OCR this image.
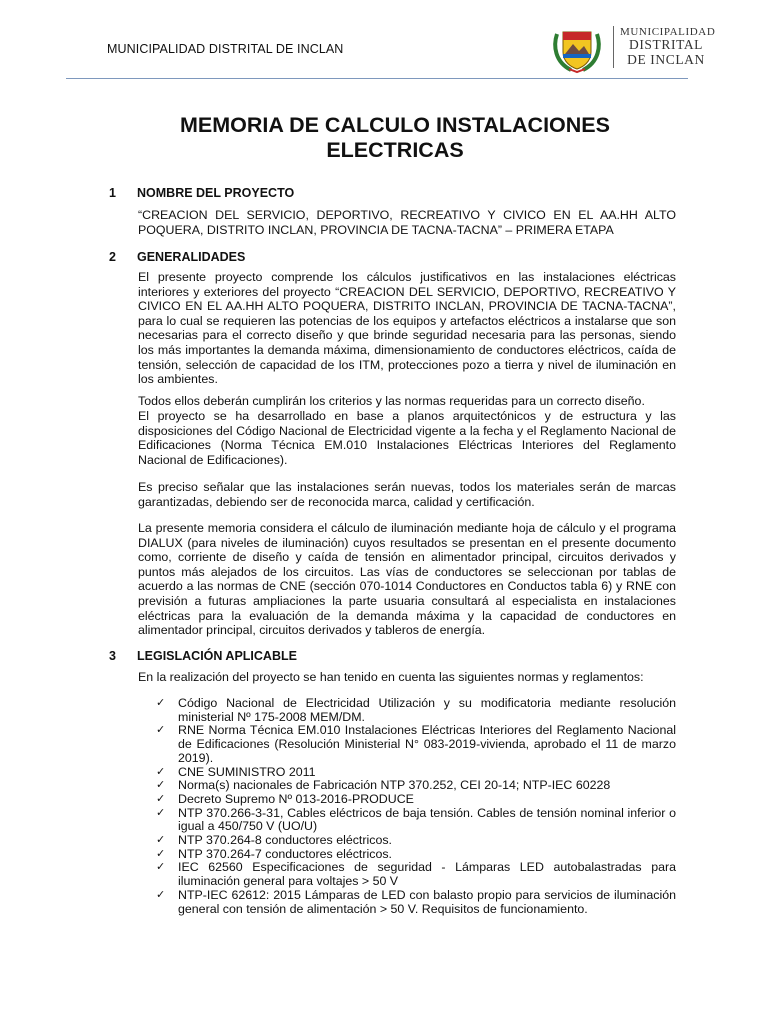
MUNICIPALIDAD DISTRITAL DE INCLAN
MUNICIPALIDAD
DISTRITAL
DE INCLAN
MEMORIA DE CALCULO INSTALACIONES
ELECTRICAS
1 NOMBRE DEL PROYECTO

“CREACION DEL SERVICIO, DEPORTIVO, RECREATIVO Y CIVICO EN EL AA.HH ALTO POQUERA, DISTRITO INCLAN, PROVINCIA DE TACNA-TACNA” – PRIMERA ETAPA

2 GENERALIDADES

El presente proyecto comprende los cálculos justificativos en las instalaciones eléctricas interiores y exteriores del proyecto “CREACION DEL SERVICIO, DEPORTIVO, RECREATIVO Y CIVICO EN EL AA.HH ALTO POQUERA, DISTRITO INCLAN, PROVINCIA DE TACNA-TACNA”, para lo cual se requieren las potencias de los equipos y artefactos eléctricos a instalarse que son necesarias para el correcto diseño y que brinde seguridad necesaria para las personas, siendo los más importantes la demanda máxima, dimensionamiento de conductores eléctricos, caída de tensión, selección de capacidad de los ITM, protecciones pozo a tierra y nivel de iluminación en los ambientes.

Todos ellos deberán cumplirán los criterios y las normas requeridas para un correcto diseño.

El proyecto se ha desarrollado en base a planos arquitectónicos y de estructura y las disposiciones del Código Nacional de Electricidad vigente a la fecha y el Reglamento Nacional de Edificaciones (Norma Técnica EM.010 Instalaciones Eléctricas Interiores del Reglamento Nacional de Edificaciones).

Es preciso señalar que las instalaciones serán nuevas, todos los materiales serán de marcas garantizadas, debiendo ser de reconocida marca, calidad y certificación.

La presente memoria considera el cálculo de iluminación mediante hoja de cálculo y el programa DIALUX (para niveles de iluminación) cuyos resultados se presentan en el presente documento como, corriente de diseño y caída de tensión en alimentador principal, circuitos derivados y puntos más alejados de los circuitos. Las vías de conductores se seleccionan por tablas de acuerdo a las normas de CNE (sección 070-1014 Conductores en Conductos tabla 6) y RNE con previsión a futuras ampliaciones la parte usuaria consultará al especialista en instalaciones eléctricas para la evaluación de la demanda máxima y la capacidad de conductores en alimentador principal, circuitos derivados y tableros de energía.

3 LEGISLACIÓN APLICABLE

En la realización del proyecto se han tenido en cuenta las siguientes normas y reglamentos:

✓ Código Nacional de Electricidad Utilización y su modificatoria mediante resolución ministerial Nº 175-2008 MEM/DM.
✓ RNE Norma Técnica EM.010 Instalaciones Eléctricas Interiores del Reglamento Nacional de Edificaciones (Resolución Ministerial N° 083-2019-vivienda, aprobado el 11 de marzo 2019).
✓ CNE SUMINISTRO 2011
✓ Norma(s) nacionales de Fabricación NTP 370.252, CEI 20-14; NTP-IEC 60228
✓ Decreto Supremo Nº 013-2016-PRODUCE
✓ NTP 370.266-3-31, Cables eléctricos de baja tensión. Cables de tensión nominal inferior o igual a 450/750 V (UO/U)
✓ NTP 370.264-8 conductores eléctricos.
✓ NTP 370.264-7 conductores eléctricos.
✓ IEC 62560 Especificaciones de seguridad - Lámparas LED autobalastradas para iluminación general para voltajes > 50 V
✓ NTP-IEC 62612: 2015 Lámparas de LED con balasto propio para servicios de iluminación general con tensión de alimentación > 50 V. Requisitos de funcionamiento.
